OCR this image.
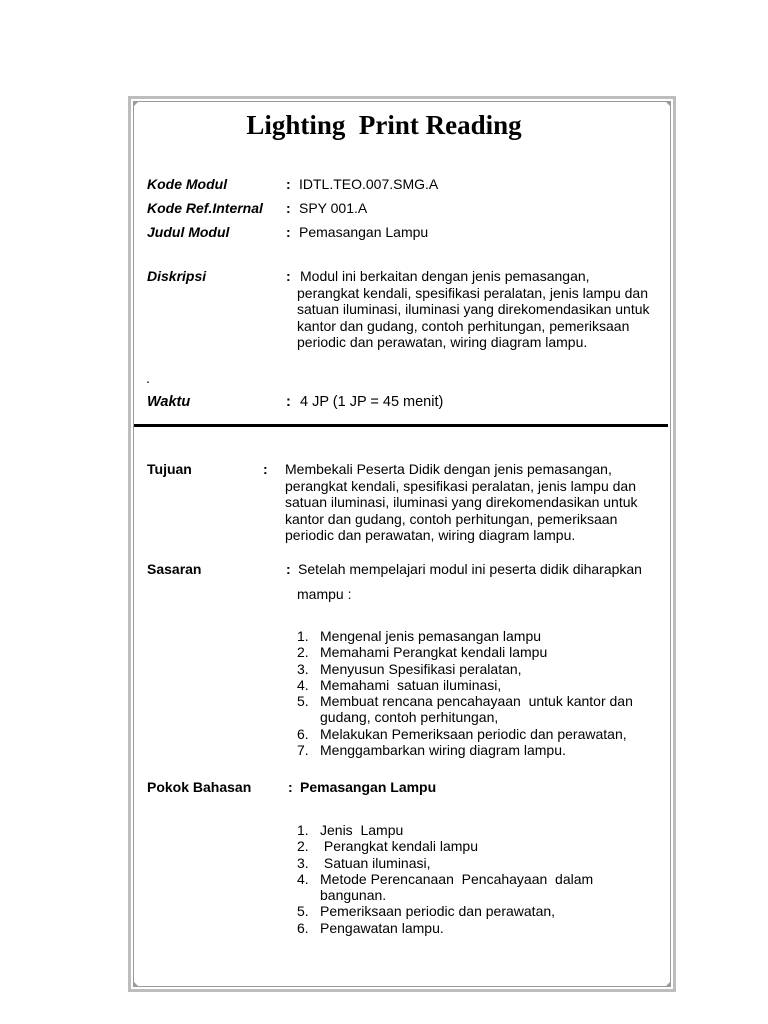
Lighting  Print Reading
Kode Modul	: IDTL.TEO.007.SMG.A
Kode Ref.Internal : SPY 001.A
Judul Modul	: Pemasangan Lampu
Diskripsi	: Modul ini berkaitan dengan jenis pemasangan,
perangkat kendali, spesifikasi peralatan, jenis lampu dan
satuan iluminasi, iluminasi yang direkomendasikan untuk
kantor dan gudang, contoh perhitungan, pemeriksaan
periodic dan perawatan, wiring diagram lampu.
.
Waktu	: 4 JP (1 JP = 45 menit)
Tujuan	: Membekali Peserta Didik dengan jenis pemasangan,
perangkat kendali, spesifikasi peralatan, jenis lampu dan
satuan iluminasi, iluminasi yang direkomendasikan untuk
kantor dan gudang, contoh perhitungan, pemeriksaan
periodic dan perawatan, wiring diagram lampu.
Sasaran	: Setelah mempelajari modul ini peserta didik diharapkan
mampu :
1. Mengenal jenis pemasangan lampu
2. Memahami Perangkat kendali lampu
3. Menyusun Spesifikasi peralatan,
4. Memahami  satuan iluminasi,
5. Membuat rencana pencahayaan  untuk kantor dan
gudang, contoh perhitungan,
6. Melakukan Pemeriksaan periodic dan perawatan,
7. Menggambarkan wiring diagram lampu.
Pokok Bahasan	: Pemasangan Lampu
1. Jenis  Lampu
2. Perangkat kendali lampu
3. Satuan iluminasi,
4. Metode Perencanaan  Pencahayaan  dalam
bangunan.
5. Pemeriksaan periodic dan perawatan,
6. Pengawatan lampu.
